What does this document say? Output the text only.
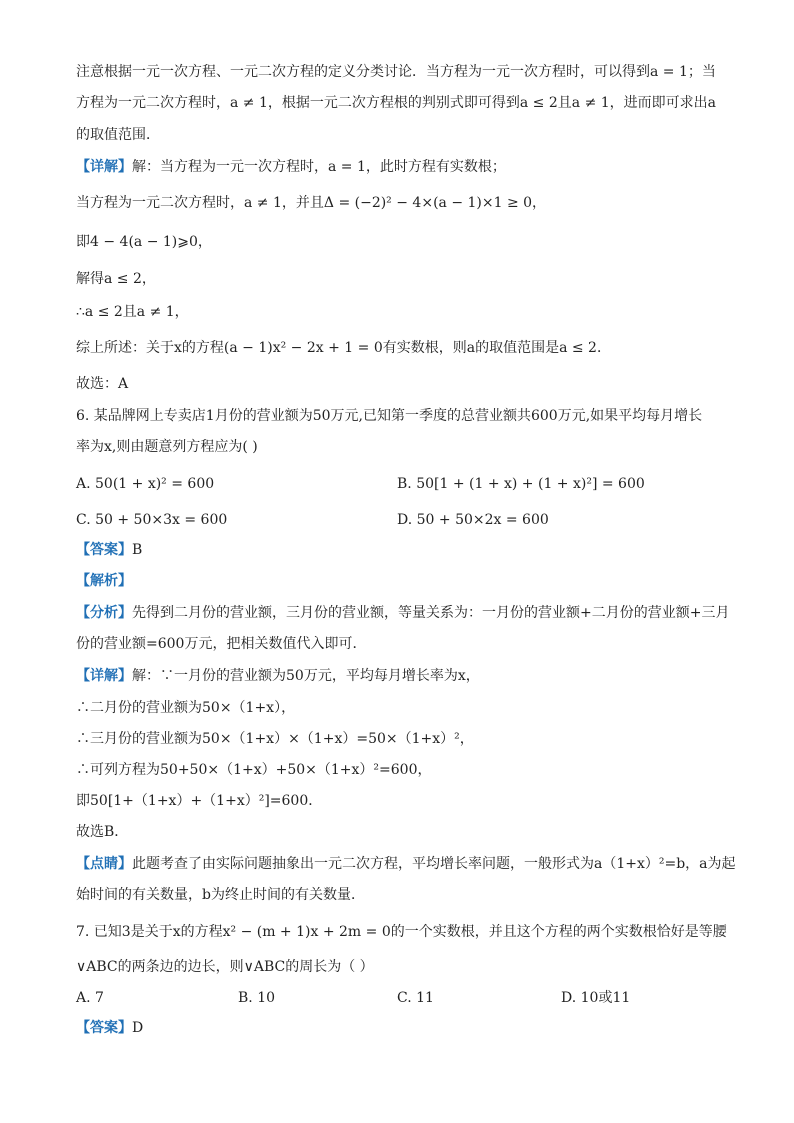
注意根据一元一次方程、一元二次方程的定义分类讨论．当方程为一元一次方程时，可以得到a = 1；当
方程为一元二次方程时，a ≠ 1，根据一元二次方程根的判别式即可得到a ≤ 2且a ≠ 1，进而即可求出a
的取值范围．
【详解】解：当方程为一元一次方程时，a = 1，此时方程有实数根；
当方程为一元二次方程时，a ≠ 1，并且Δ = (−2)² − 4×(a − 1)×1 ≥ 0，
即4 − 4(a − 1)⩾0，
解得a ≤ 2，
∴a ≤ 2且a ≠ 1，
综上所述：关于x的方程(a − 1)x² − 2x + 1 = 0有实数根，则a的取值范围是a ≤ 2．
故选：A
6. 某品牌网上专卖店1月份的营业额为50万元,已知第一季度的总营业额共600万元,如果平均每月增长
率为x,则由题意列方程应为( )
A. 50(1 + x)² = 600	B. 50[1 + (1 + x) + (1 + x)²] = 600
C. 50 + 50×3x = 600	D. 50 + 50×2x = 600
【答案】B
【解析】
【分析】先得到二月份的营业额，三月份的营业额，等量关系为：一月份的营业额+二月份的营业额+三月
份的营业额=600万元，把相关数值代入即可．
【详解】解：∵一月份的营业额为50万元，平均每月增长率为x，
∴二月份的营业额为50×（1+x），
∴三月份的营业额为50×（1+x）×（1+x）=50×（1+x）²，
∴可列方程为50+50×（1+x）+50×（1+x）²=600，
即50[1+（1+x）+（1+x）²]=600．
故选B．
【点睛】此题考查了由实际问题抽象出一元二次方程，平均增长率问题，一般形式为a（1+x）²=b，a为起
始时间的有关数量，b为终止时间的有关数量．
7. 已知3是关于x的方程x² − (m + 1)x + 2m = 0的一个实数根，并且这个方程的两个实数根恰好是等腰
∨ABC的两条边的边长，则∨ABC的周长为（ ）
A. 7	B. 10	C. 11	D. 10或11
【答案】D
